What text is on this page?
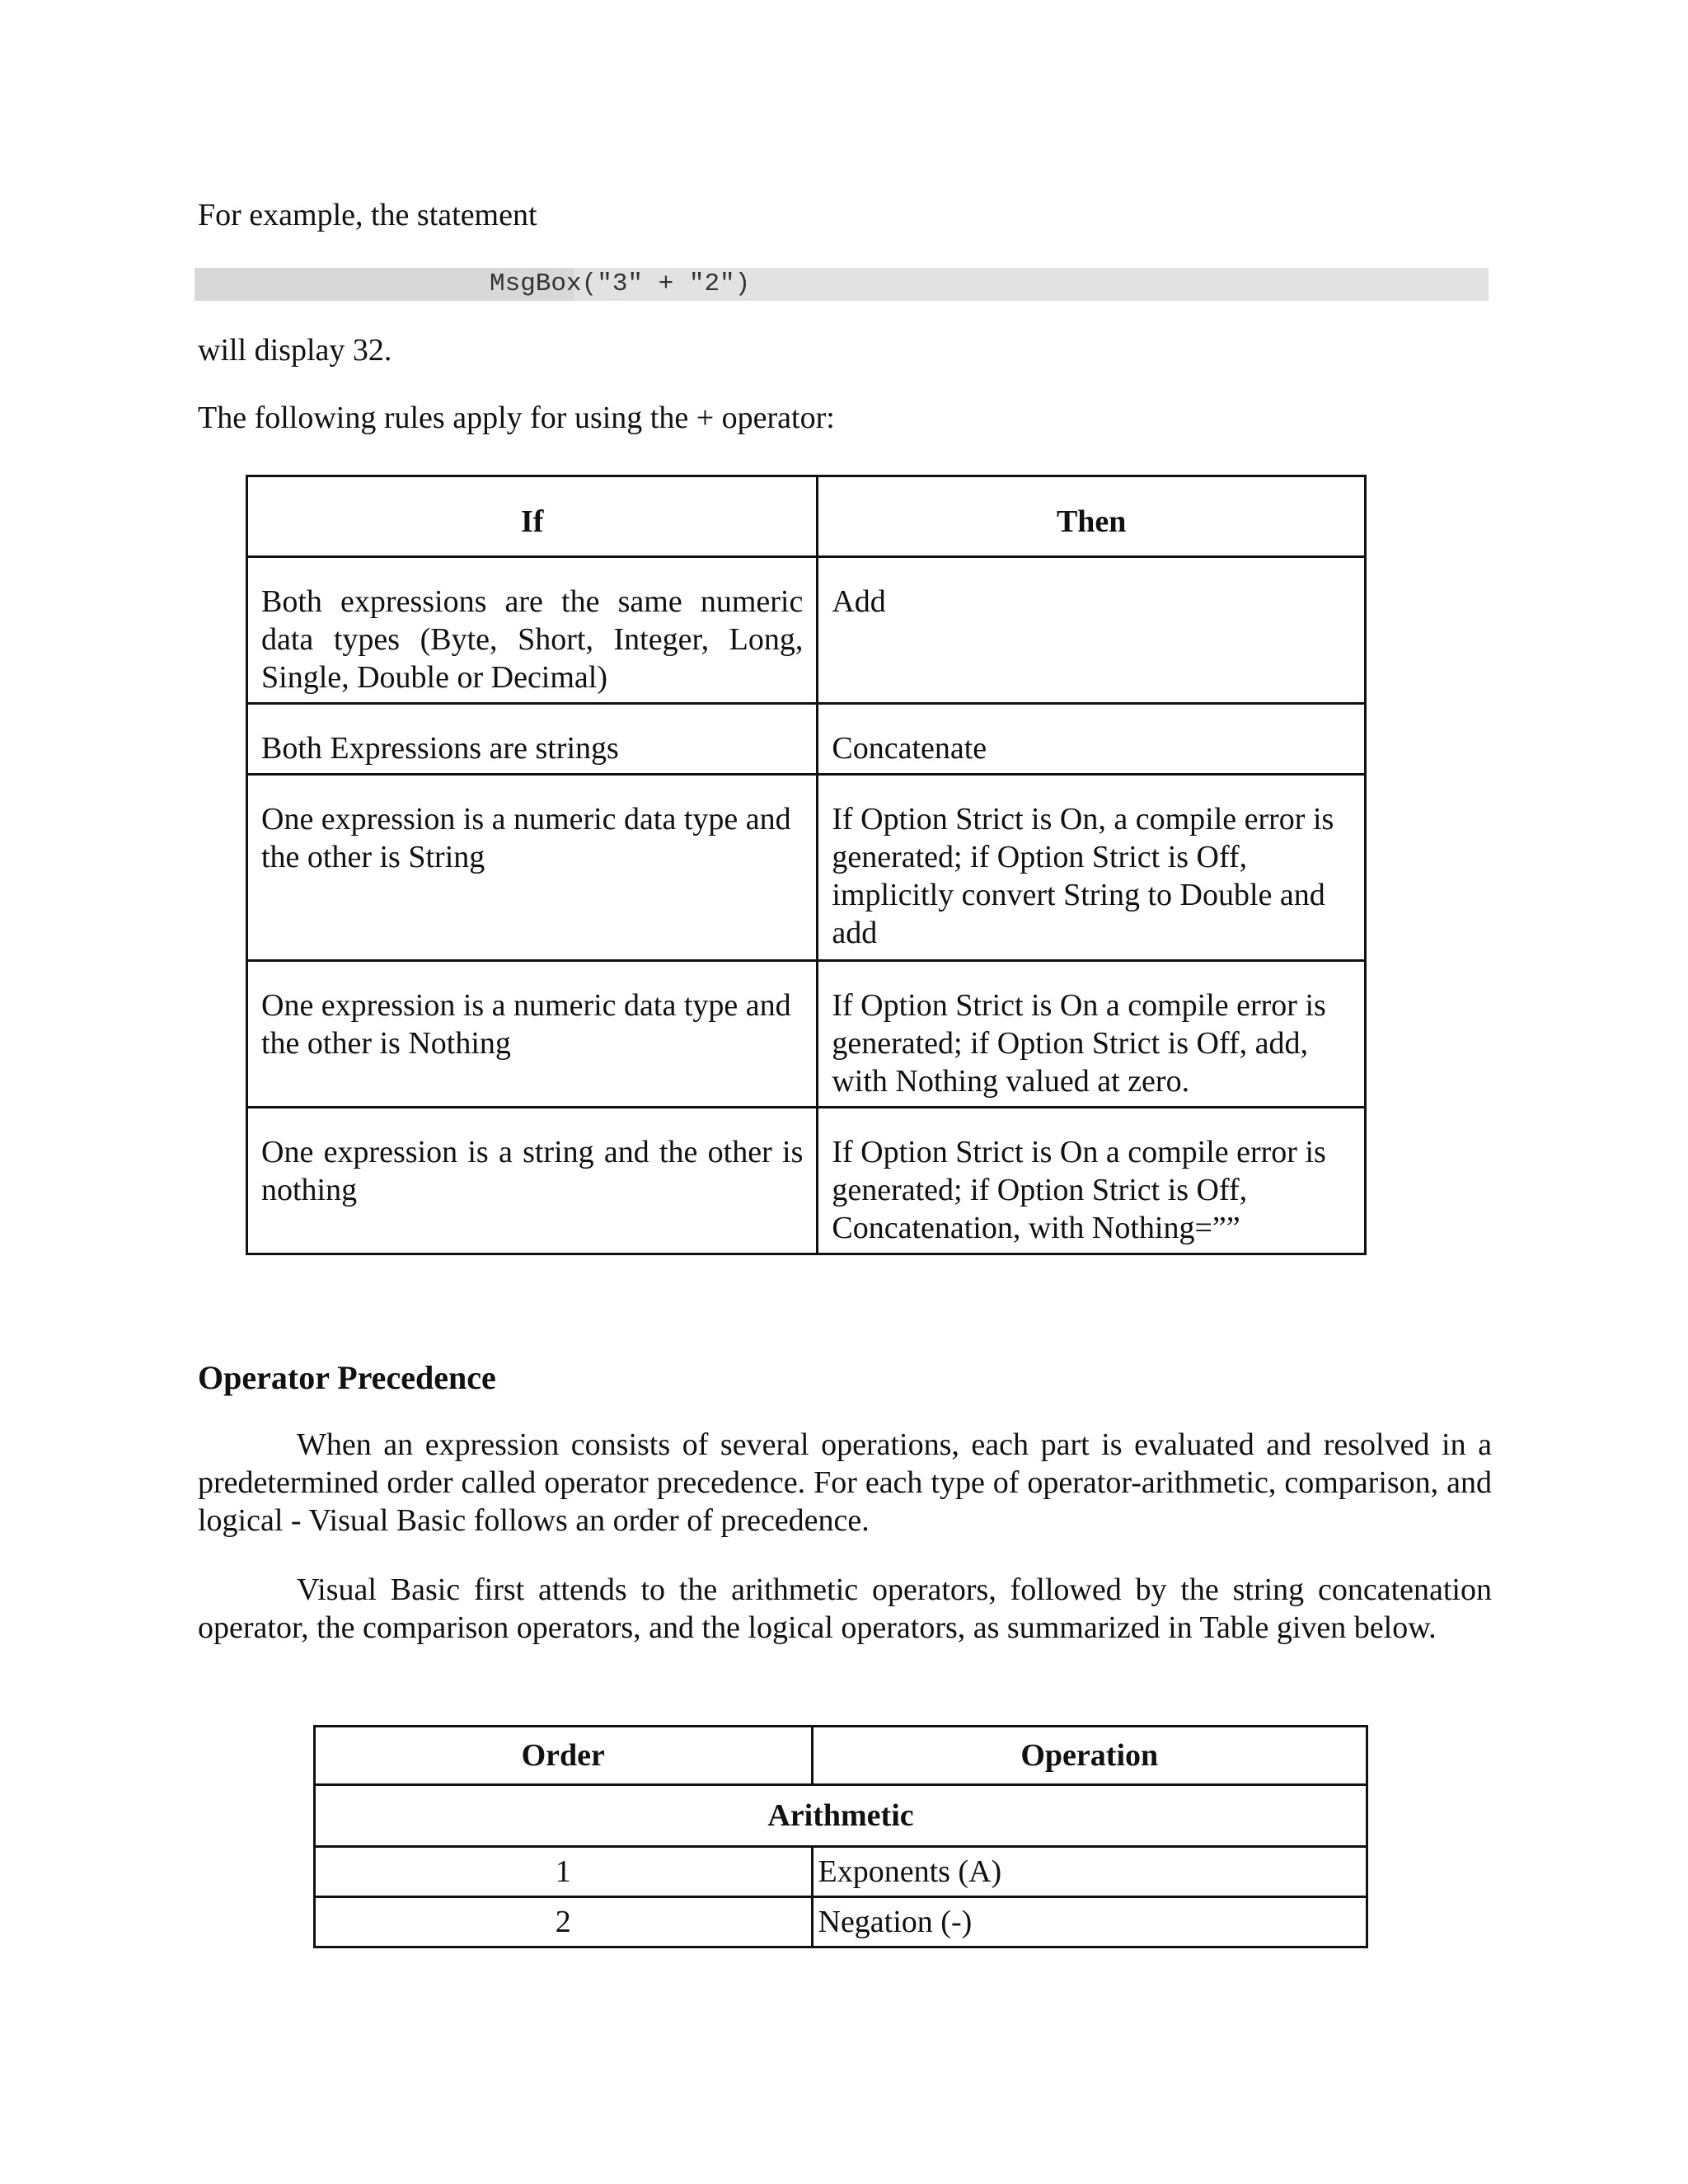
For example, the statement

MsgBox("3" + "2")

will display 32.

The following rules apply for using the + operator:

If	Then
Both expressions are the same numeric data types (Byte, Short, Integer, Long, Single, Double or Decimal)	Add
Both Expressions are strings	Concatenate
One expression is a numeric data type and the other is String	If Option Strict is On, a compile error is generated; if Option Strict is Off, implicitly convert String to Double and add
One expression is a numeric data type and the other is Nothing	If Option Strict is On a compile error is generated; if Option Strict is Off, add, with Nothing valued at zero.
One expression is a string and the other is nothing	If Option Strict is On a compile error is generated; if Option Strict is Off, Concatenation, with Nothing=””
Operator Precedence

When an expression consists of several operations, each part is evaluated and resolved in a predetermined order called operator precedence. For each type of operator-arithmetic, comparison, and logical - Visual Basic follows an order of precedence.

Visual Basic first attends to the arithmetic operators, followed by the string concatenation operator, the comparison operators, and the logical operators, as summarized in Table given below.

Order	Operation
Arithmetic	
1	Exponents (A)
2	Negation (-)
